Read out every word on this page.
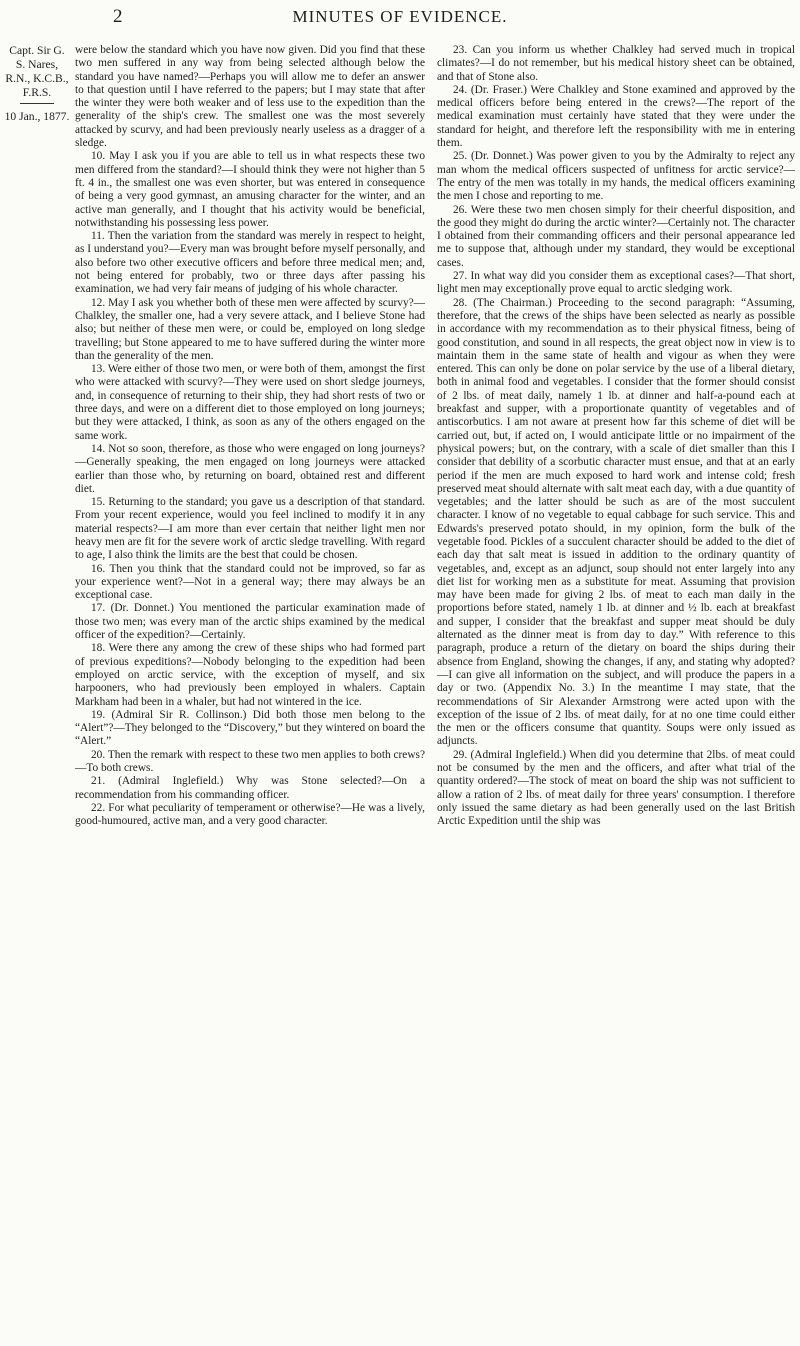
2	MINUTES OF EVIDENCE.
Capt. Sir G.
S. Nares,
R.N., K.C.B.,
F.R.S.
10 Jan., 1877.

were below the standard which you have now given. Did you find that these two men suffered in any way from being selected although below the standard you have named?—Perhaps you will allow me to defer an answer to that question until I have referred to the papers; but I may state that after the winter they were both weaker and of less use to the expedition than the generality of the ship's crew. The smallest one was the most severely attacked by scurvy, and had been previously nearly useless as a dragger of a sledge.

10. May I ask you if you are able to tell us in what respects these two men differed from the standard?—I should think they were not higher than 5 ft. 4 in., the smallest one was even shorter, but was entered in consequence of being a very good gymnast, an amusing character for the winter, and an active man generally, and I thought that his activity would be beneficial, notwithstanding his possessing less power.

11. Then the variation from the standard was merely in respect to height, as I understand you?—Every man was brought before myself personally, and also before two other executive officers and before three medical men; and, not being entered for probably, two or three days after passing his examination, we had very fair means of judging of his whole character.

12. May I ask you whether both of these men were affected by scurvy?—Chalkley, the smaller one, had a very severe attack, and I believe Stone had also; but neither of these men were, or could be, employed on long sledge travelling; but Stone appeared to me to have suffered during the winter more than the generality of the men.

13. Were either of those two men, or were both of them, amongst the first who were attacked with scurvy?—They were used on short sledge journeys, and, in consequence of returning to their ship, they had short rests of two or three days, and were on a different diet to those employed on long journeys; but they were attacked, I think, as soon as any of the others engaged on the same work.

14. Not so soon, therefore, as those who were engaged on long journeys?—Generally speaking, the men engaged on long journeys were attacked earlier than those who, by returning on board, obtained rest and different diet.

15. Returning to the standard; you gave us a description of that standard. From your recent experience, would you feel inclined to modify it in any material respects?—I am more than ever certain that neither light men nor heavy men are fit for the severe work of arctic sledge travelling. With regard to age, I also think the limits are the best that could be chosen.

16. Then you think that the standard could not be improved, so far as your experience went?—Not in a general way; there may always be an exceptional case.

17. (Dr. Donnet.) You mentioned the particular examination made of those two men; was every man of the arctic ships examined by the medical officer of the expedition?—Certainly.

18. Were there any among the crew of these ships who had formed part of previous expeditions?—Nobody belonging to the expedition had been employed on arctic service, with the exception of myself, and six harpooners, who had previously been employed in whalers. Captain Markham had been in a whaler, but had not wintered in the ice.

19. (Admiral Sir R. Collinson.) Did both those men belong to the “Alert”?—They belonged to the “Discovery,” but they wintered on board the “Alert.”

20. Then the remark with respect to these two men applies to both crews?—To both crews.

21. (Admiral Inglefield.) Why was Stone selected?—On a recommendation from his commanding officer.

22. For what peculiarity of temperament or otherwise?—He was a lively, good-humoured, active man, and a very good character.

23. Can you inform us whether Chalkley had served much in tropical climates?—I do not remember, but his medical history sheet can be obtained, and that of Stone also.

24. (Dr. Fraser.) Were Chalkley and Stone examined and approved by the medical officers before being entered in the crews?—The report of the medical examination must certainly have stated that they were under the standard for height, and therefore left the responsibility with me in entering them.

25. (Dr. Donnet.) Was power given to you by the Admiralty to reject any man whom the medical officers suspected of unfitness for arctic service?—The entry of the men was totally in my hands, the medical officers examining the men I chose and reporting to me.

26. Were these two men chosen simply for their cheerful disposition, and the good they might do during the arctic winter?—Certainly not. The character I obtained from their commanding officers and their personal appearance led me to suppose that, although under my standard, they would be exceptional cases.

27. In what way did you consider them as exceptional cases?—That short, light men may exceptionally prove equal to arctic sledging work.

28. (The Chairman.) Proceeding to the second paragraph: “Assuming, therefore, that the crews of the ships have been selected as nearly as possible in accordance with my recommendation as to their physical fitness, being of good constitution, and sound in all respects, the great object now in view is to maintain them in the same state of health and vigour as when they were entered. This can only be done on polar service by the use of a liberal dietary, both in animal food and vegetables. I consider that the former should consist of 2 lbs. of meat daily, namely 1 lb. at dinner and half-a-pound each at breakfast and supper, with a proportionate quantity of vegetables and of antiscorbutics. I am not aware at present how far this scheme of diet will be carried out, but, if acted on, I would anticipate little or no impairment of the physical powers; but, on the contrary, with a scale of diet smaller than this I consider that debility of a scorbutic character must ensue, and that at an early period if the men are much exposed to hard work and intense cold; fresh preserved meat should alternate with salt meat each day, with a due quantity of vegetables; and the latter should be such as are of the most succulent character. I know of no vegetable to equal cabbage for such service. This and Edwards's preserved potato should, in my opinion, form the bulk of the vegetable food. Pickles of a succulent character should be added to the diet of each day that salt meat is issued in addition to the ordinary quantity of vegetables, and, except as an adjunct, soup should not enter largely into any diet list for working men as a substitute for meat. Assuming that provision may have been made for giving 2 lbs. of meat to each man daily in the proportions before stated, namely 1 lb. at dinner and ½ lb. each at breakfast and supper, I consider that the breakfast and supper meat should be duly alternated as the dinner meat is from day to day.” With reference to this paragraph, produce a return of the dietary on board the ships during their absence from England, showing the changes, if any, and stating why adopted?—I can give all information on the subject, and will produce the papers in a day or two. (Appendix No. 3.) In the meantime I may state, that the recommendations of Sir Alexander Armstrong were acted upon with the exception of the issue of 2 lbs. of meat daily, for at no one time could either the men or the officers consume that quantity. Soups were only issued as adjuncts.

29. (Admiral Inglefield.) When did you determine that 2lbs. of meat could not be consumed by the men and the officers, and after what trial of the quantity ordered?—The stock of meat on board the ship was not sufficient to allow a ration of 2 lbs. of meat daily for three years' consumption. I therefore only issued the same dietary as had been generally used on the last British Arctic Expedition until the ship was
